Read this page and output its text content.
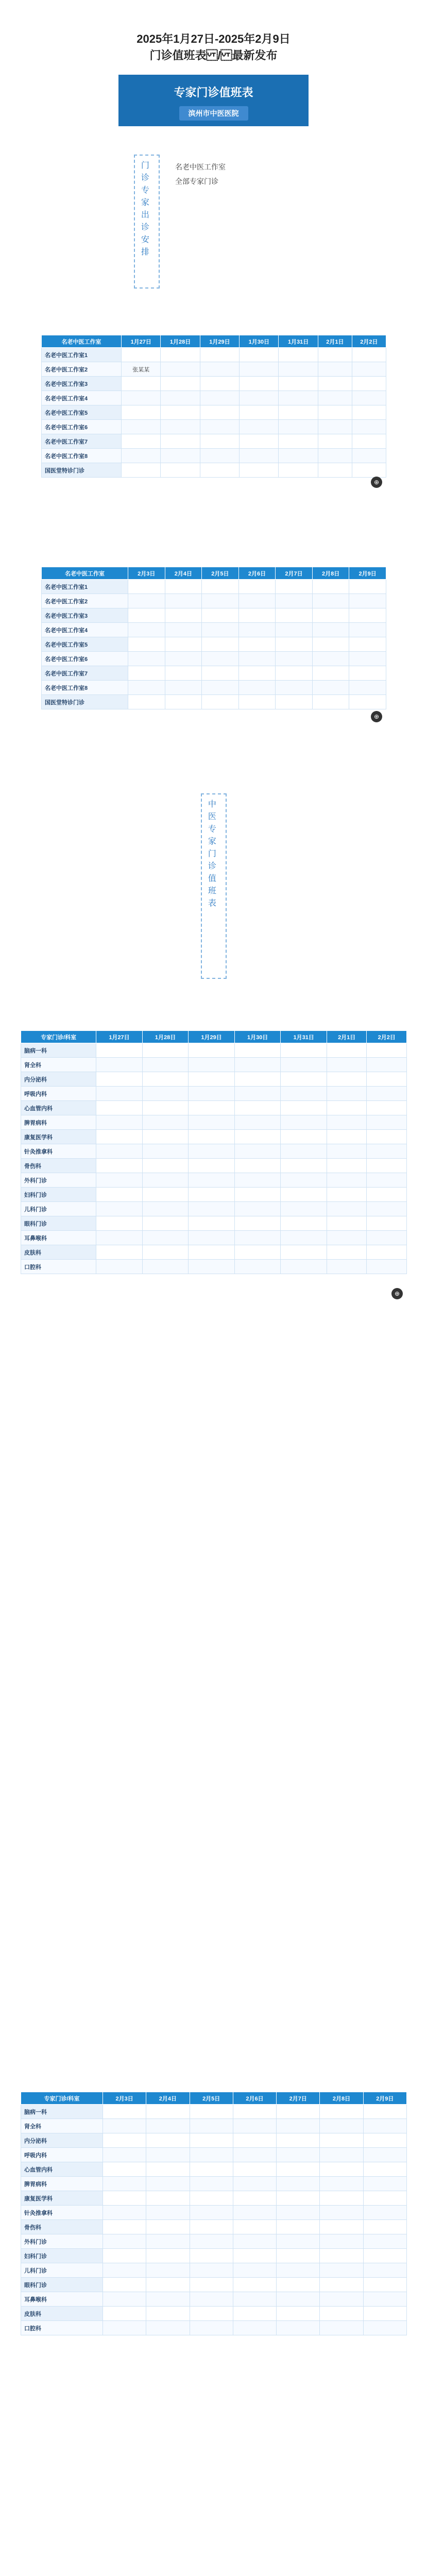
2025年1月27日-2025年2月9日
门诊值班表/最新发布
专家门诊值班表
滨州市中医医院
门诊专家出诊安排	名老中医工作室
全部专家门诊
名老中医工作室	1月27日	1月28日	1月29日	1月30日	1月31日	2月1日	2月2日
名老中医工作室1							
名老中医工作室2	张某某						
名老中医工作室3							
名老中医工作室4							
名老中医工作室5							
名老中医工作室6							
名老中医工作室7							
名老中医工作室8							
国医堂特诊门诊							
⊕
名老中医工作室	2月3日	2月4日	2月5日	2月6日	2月7日	2月8日	2月9日
名老中医工作室1							
名老中医工作室2							
名老中医工作室3							
名老中医工作室4							
名老中医工作室5							
名老中医工作室6							
名老中医工作室7							
名老中医工作室8							
国医堂特诊门诊							
⊕
中医专家门诊值班表
专家门诊/科室	1月27日	1月28日	1月29日	1月30日	1月31日	2月1日	2月2日
脑病一科							
肾全科							
内分泌科							
呼吸内科							
心血管内科							
脾胃病科							
康复医学科							
针灸推拿科							
骨伤科							
外科门诊							
妇科门诊							
儿科门诊							
眼科门诊							
耳鼻喉科							
皮肤科							
口腔科							
⊕
专家门诊/科室	2月3日	2月4日	2月5日	2月6日	2月7日	2月8日	2月9日
脑病一科							
肾全科							
内分泌科							
呼吸内科							
心血管内科							
脾胃病科							
康复医学科							
针灸推拿科							
骨伤科							
外科门诊							
妇科门诊							
儿科门诊							
眼科门诊							
耳鼻喉科							
皮肤科							
口腔科							
